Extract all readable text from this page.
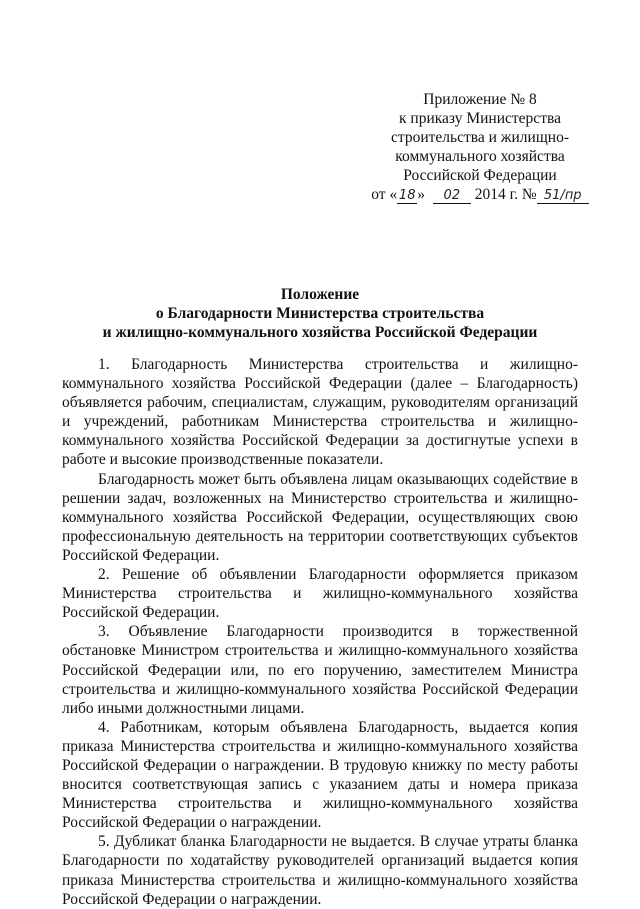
Приложение № 8
к приказу Министерства
строительства и жилищно-
коммунального хозяйства
Российской Федерации
от « 18 » 02 2014 г. № 51/пр
Положение
о Благодарности Министерства строительства
и жилищно-коммунального хозяйства Российской Федерации

1. Благодарность Министерства строительства и жилищно-коммунального хозяйства Российской Федерации (далее – Благодарность) объявляется рабочим, специалистам, служащим, руководителям организаций и учреждений, работникам Министерства строительства и жилищно-коммунального хозяйства Российской Федерации за достигнутые успехи в работе и высокие производственные показатели.

Благодарность может быть объявлена лицам оказывающих содействие в решении задач, возложенных на Министерство строительства и жилищно-коммунального хозяйства Российской Федерации, осуществляющих свою профессиональную деятельность на территории соответствующих субъектов Российской Федерации.

2. Решение об объявлении Благодарности оформляется приказом Министерства строительства и жилищно-коммунального хозяйства Российской Федерации.

3. Объявление Благодарности производится в торжественной обстановке Министром строительства и жилищно-коммунального хозяйства Российской Федерации или, по его поручению, заместителем Министра строительства и жилищно-коммунального хозяйства Российской Федерации либо иными должностными лицами.

4. Работникам, которым объявлена Благодарность, выдается копия приказа Министерства строительства и жилищно-коммунального хозяйства Российской Федерации о награждении. В трудовую книжку по месту работы вносится соответствующая запись с указанием даты и номера приказа Министерства строительства и жилищно-коммунального хозяйства Российской Федерации о награждении.

5. Дубликат бланка Благодарности не выдается. В случае утраты бланка Благодарности по ходатайству руководителей организаций выдается копия приказа Министерства строительства и жилищно-коммунального хозяйства Российской Федерации о награждении.
